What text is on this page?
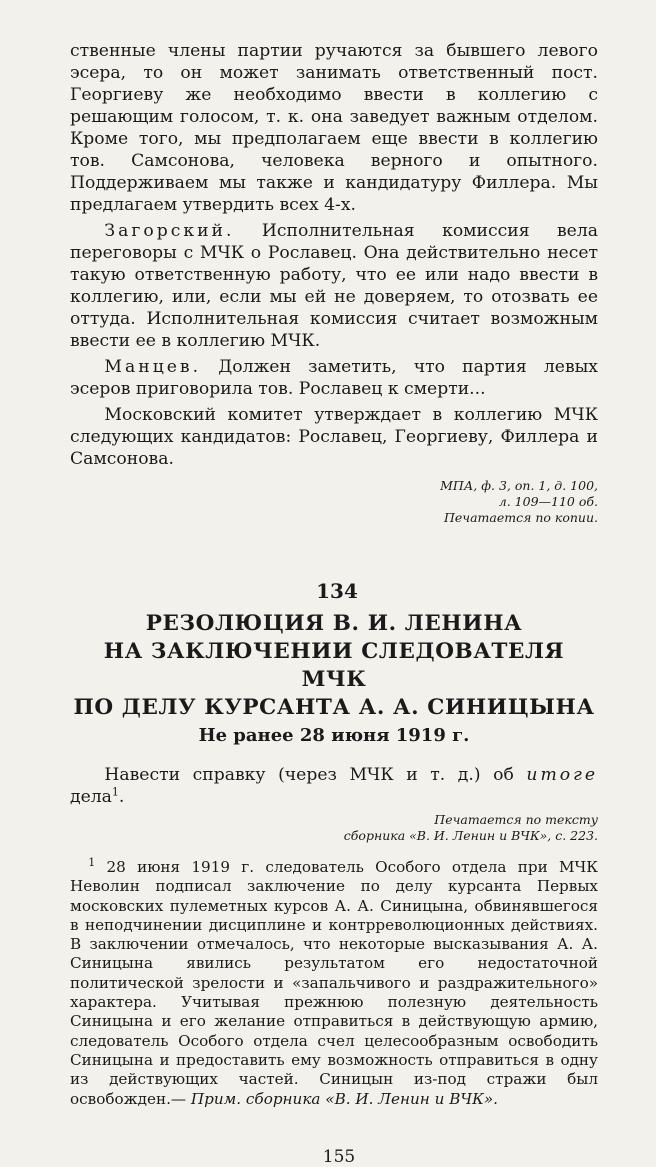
ственные члены партии ручаются за бывшего левого эсера, то он может занимать ответственный пост. Георгиеву же необходимо ввести в коллегию с решающим голосом, т. к. она заведует важным отделом. Кроме того, мы предполагаем еще ввести в коллегию тов. Самсонова, человека верного и опытного. Поддерживаем мы также и кандидатуру Филлера. Мы предлагаем утвердить всех 4-х.

Загорский. Исполнительная комиссия вела переговоры с МЧК о Рославец. Она действительно несет такую ответственную работу, что ее или надо ввести в коллегию, или, если мы ей не доверяем, то отозвать ее оттуда. Исполнительная комиссия считает возможным ввести ее в коллегию МЧК.

Манцев. Должен заметить, что партия левых эсеров приговорила тов. Рославец к смерти...

Московский комитет утверждает в коллегию МЧК следующих кандидатов: Рославец, Георгиеву, Филлера и Самсонова.

МПА, ф. 3, оп. 1, д. 100,
л. 109—110 об.
Печатается по копии.
134
РЕЗОЛЮЦИЯ В. И. ЛЕНИНА
НА ЗАКЛЮЧЕНИИ СЛЕДОВАТЕЛЯ МЧК
ПО ДЕЛУ КУРСАНТА А. А. СИНИЦЫНА
Не ранее 28 июня 1919 г.

Навести справку (через МЧК и т. д.) об итоге дела$^1$.

Печатается по тексту
сборника «В. И. Ленин и ВЧК», с. 223.

$^1$ 28 июня 1919 г. следователь Особого отдела при МЧК Неволин подписал заключение по делу курсанта Первых московских пулеметных курсов А. А. Синицына, обвинявшегося в неподчинении дисциплине и контрреволюционных действиях. В заключении отмечалось, что некоторые высказывания А. А. Синицына явились результатом его недостаточной политической зрелости и «запальчивого и раздражительного» характера. Учитывая прежнюю полезную деятельность Синицына и его желание отправиться в действующую армию, следователь Особого отдела счел целесообразным освободить Синицына и предоставить ему возможность отправиться в одну из действующих частей. Синицын из-под стражи был освобожден.— Прим. сборника «В. И. Ленин и ВЧК».

155
